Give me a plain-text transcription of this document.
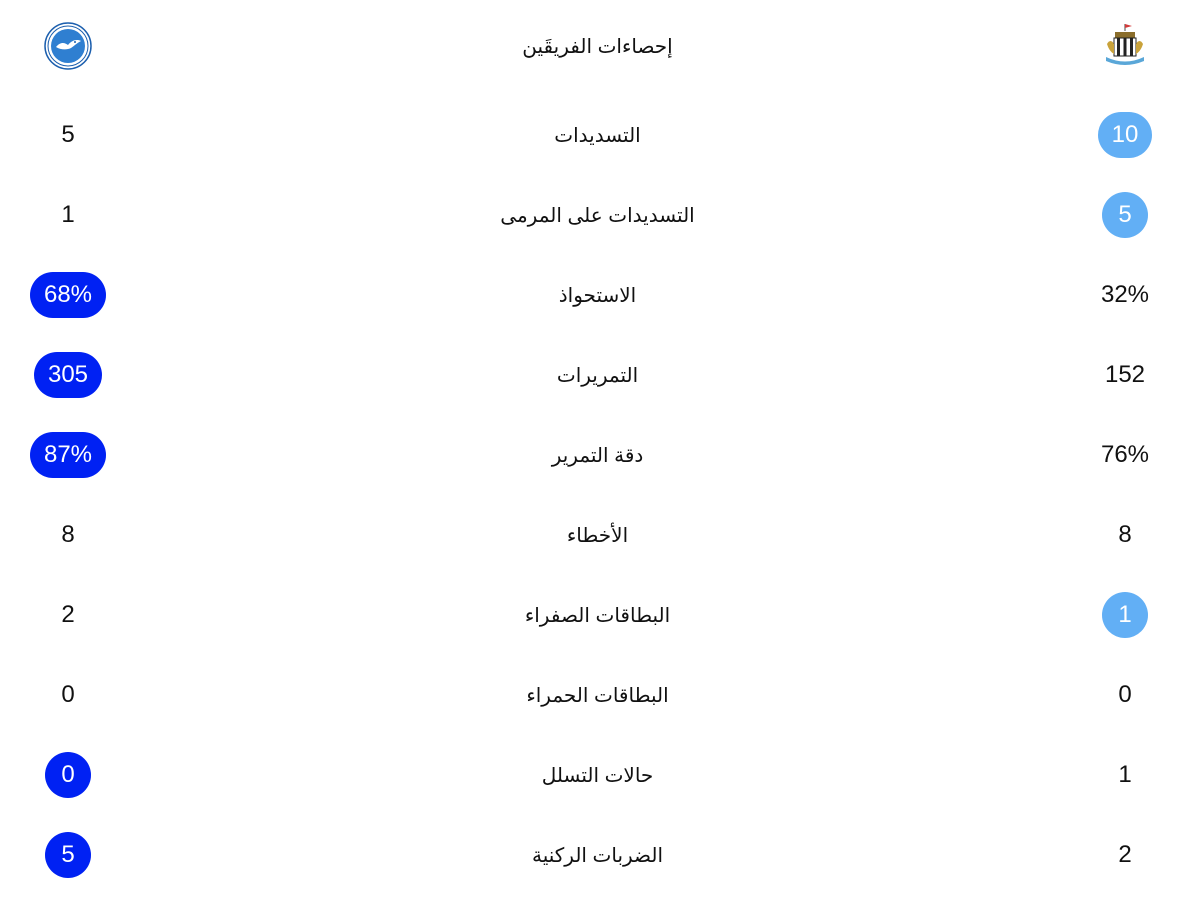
إحصاءات الفريقَين
5	التسديدات	10
1	التسديدات على المرمى	5
68%	الاستحواذ	32%
305	التمريرات	152
87%	دقة التمرير	76%
8	الأخطاء	8
2	البطاقات الصفراء	1
0	البطاقات الحمراء	0
0	حالات التسلل	1
5	الضربات الركنية	2
